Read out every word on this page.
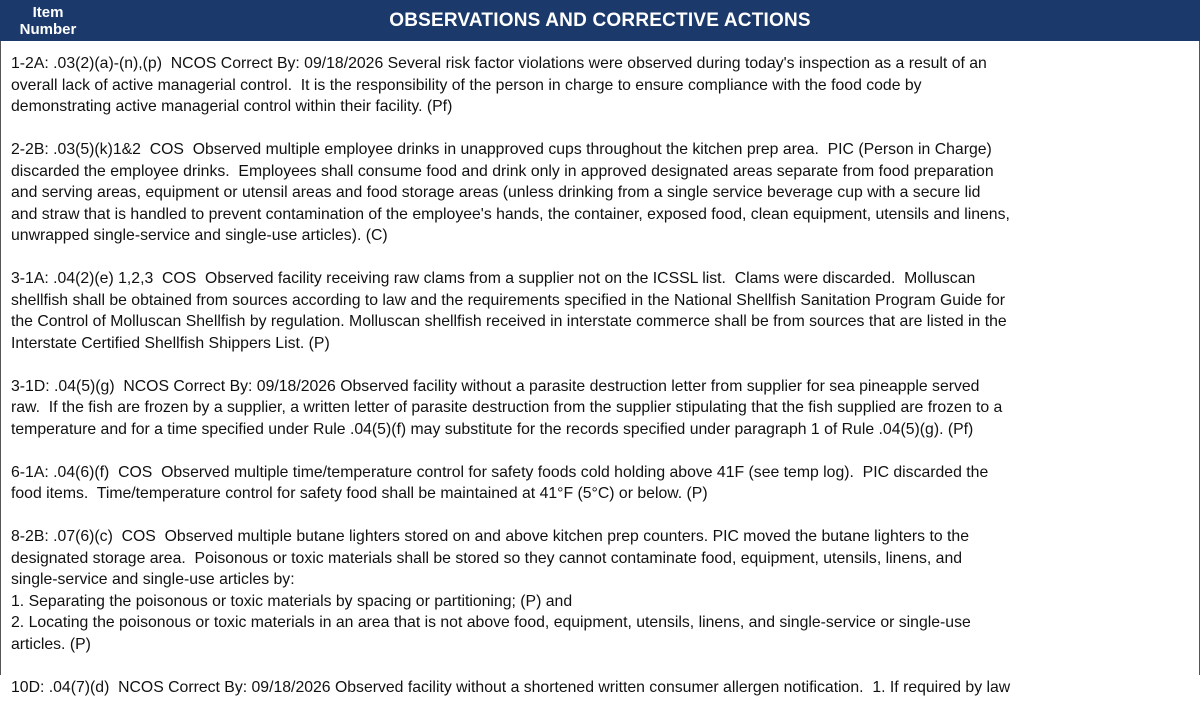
Item
Number	OBSERVATIONS AND CORRECTIVE ACTIONS
1-2A: .03(2)(a)-(n),(p)  NCOS Correct By: 09/18/2026 Several risk factor violations were observed during today's inspection as a result of an
overall lack of active managerial control.  It is the responsibility of the person in charge to ensure compliance with the food code by
demonstrating active managerial control within their facility. (Pf)
2-2B: .03(5)(k)1&2  COS  Observed multiple employee drinks in unapproved cups throughout the kitchen prep area.  PIC (Person in Charge)
discarded the employee drinks.  Employees shall consume food and drink only in approved designated areas separate from food preparation
and serving areas, equipment or utensil areas and food storage areas (unless drinking from a single service beverage cup with a secure lid
and straw that is handled to prevent contamination of the employee's hands, the container, exposed food, clean equipment, utensils and linens,
unwrapped single-service and single-use articles). (C)
3-1A: .04(2)(e) 1,2,3  COS  Observed facility receiving raw clams from a supplier not on the ICSSL list.  Clams were discarded.  Molluscan
shellfish shall be obtained from sources according to law and the requirements specified in the National Shellfish Sanitation Program Guide for
the Control of Molluscan Shellfish by regulation. Molluscan shellfish received in interstate commerce shall be from sources that are listed in the
Interstate Certified Shellfish Shippers List. (P)
3-1D: .04(5)(g)  NCOS Correct By: 09/18/2026 Observed facility without a parasite destruction letter from supplier for sea pineapple served
raw.  If the fish are frozen by a supplier, a written letter of parasite destruction from the supplier stipulating that the fish supplied are frozen to a
temperature and for a time specified under Rule .04(5)(f) may substitute for the records specified under paragraph 1 of Rule .04(5)(g). (Pf)
6-1A: .04(6)(f)  COS  Observed multiple time/temperature control for safety foods cold holding above 41F (see temp log).  PIC discarded the
food items.  Time/temperature control for safety food shall be maintained at 41°F (5°C) or below. (P)
8-2B: .07(6)(c)  COS  Observed multiple butane lighters stored on and above kitchen prep counters. PIC moved the butane lighters to the
designated storage area.  Poisonous or toxic materials shall be stored so they cannot contaminate food, equipment, utensils, linens, and
single-service and single-use articles by:
1. Separating the poisonous or toxic materials by spacing or partitioning; (P) and
2. Locating the poisonous or toxic materials in an area that is not above food, equipment, utensils, linens, and single-service or single-use
articles. (P)
10D: .04(7)(d)  NCOS Correct By: 09/18/2026 Observed facility without a shortened written consumer allergen notification.  1. If required by law
